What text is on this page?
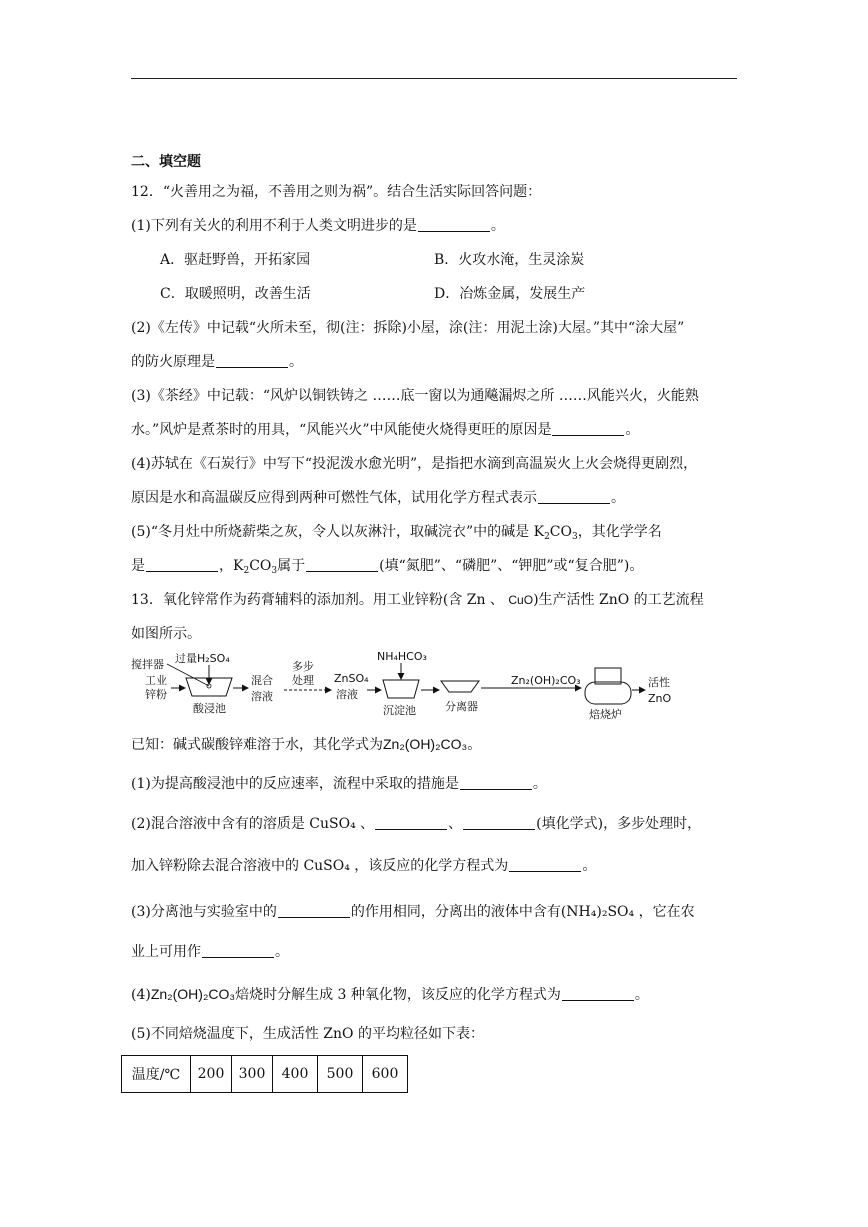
二、填空题
12．“火善用之为福，不善用之则为祸”。结合生活实际回答问题：
(1)下列有关火的利用不利于人类文明进步的是	。
A．驱赶野兽，开拓家园	B．火攻水淹，生灵涂炭
C．取暖照明，改善生活	D．冶炼金属，发展生产
(2)《左传》中记载“火所未至，彻(注：拆除)小屋，涂(注：用泥土涂)大屋。”其中“涂大屋”
的防火原理是	。
(3)《茶经》中记载：“风炉以铜铁铸之 ……底一窗以为通飚漏烬之所 ……风能兴火，火能熟
水。”风炉是煮茶时的用具，“风能兴火”中风能使火烧得更旺的原因是	。
(4)苏轼在《石炭行》中写下“投泥泼水愈光明”，是指把水滴到高温炭火上火会烧得更剧烈，
原因是水和高温碳反应得到两种可燃性气体，试用化学方程式表示	。
(5)“冬月灶中所烧薪柴之灰，令人以灰淋汁，取碱浣衣”中的碱是 $K_2CO_3$，其化学学名
是	，$K_2CO_3$属于	(填“氮肥”、“磷肥”、“钾肥”或“复合肥”)。
13．氧化锌常作为药膏辅料的添加剂。用工业锌粉(含 Zn 、 CuO)生产活性 ZnO 的工艺流程
如图所示。
搅拌器 过量H₂SO₄
工业
锌粉
酸浸池
混合
溶液
多步
处理 ZnSO₄
溶液
NH₄HCO₃
沉淀池	分离器
Zn₂(OH)₂CO₃
焙烧炉
活性
ZnO
已知：碱式碳酸锌难溶于水，其化学式为Zn₂(OH)₂CO₃。
(1)为提高酸浸池中的反应速率，流程中采取的措施是	。
(2)混合溶液中含有的溶质是 CuSO₄ 、	、	(填化学式)，多步处理时，
加入锌粉除去混合溶液中的 CuSO₄ ，该反应的化学方程式为	。
(3)分离池与实验室中的	的作用相同，分离出的液体中含有(NH₄)₂SO₄ ，它在农
业上可用作	。
(4)Zn₂(OH)₂CO₃焙烧时分解生成 3 种氧化物，该反应的化学方程式为	。
(5)不同焙烧温度下，生成活性 ZnO 的平均粒径如下表：
温度/℃	200	300	400	500	600
